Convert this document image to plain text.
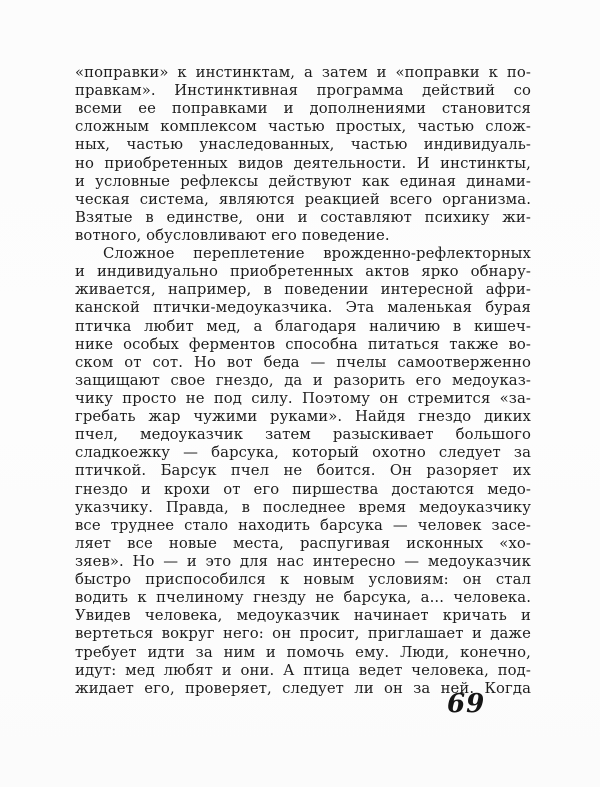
«поправки» к инстинктам, а затем и «поправки к по-
правкам». Инстинктивная программа действий со
всеми ее поправками и дополнениями становится
сложным комплексом частью простых, частью слож-
ных, частью унаследованных, частью индивидуаль-
но приобретенных видов деятельности. И инстинкты,
и условные рефлексы действуют как единая динами-
ческая система, являются реакцией всего организма.
Взятые в единстве, они и составляют психику жи-
вотного, обусловливают его поведение.
Сложное переплетение врожденно-рефлекторных
и индивидуально приобретенных актов ярко обнару-
живается, например, в поведении интересной афри-
канской птички-медоуказчика. Эта маленькая бурая
птичка любит мед, а благодаря наличию в кишеч-
нике особых ферментов способна питаться также во-
ском от сот. Но вот беда — пчелы самоотверженно
защищают свое гнездо, да и разорить его медоуказ-
чику просто не под силу. Поэтому он стремится «за-
гребать жар чужими руками». Найдя гнездо диких
пчел, медоуказчик затем разыскивает большого
сладкоежку — барсука, который охотно следует за
птичкой. Барсук пчел не боится. Он разоряет их
гнездо и крохи от его пиршества достаются медо-
указчику. Правда, в последнее время медоуказчику
все труднее стало находить барсука — человек засе-
ляет все новые места, распугивая исконных «хо-
зяев». Но — и это для нас интересно — медоуказчик
быстро приспособился к новым условиям: он стал
водить к пчелиному гнезду не барсука, а... человека.
Увидев человека, медоуказчик начинает кричать и
вертеться вокруг него: он просит, приглашает и даже
требует идти за ним и помочь ему. Люди, конечно,
идут: мед любят и они. А птица ведет человека, под-
жидает его, проверяет, следует ли он за ней. Когда
69
